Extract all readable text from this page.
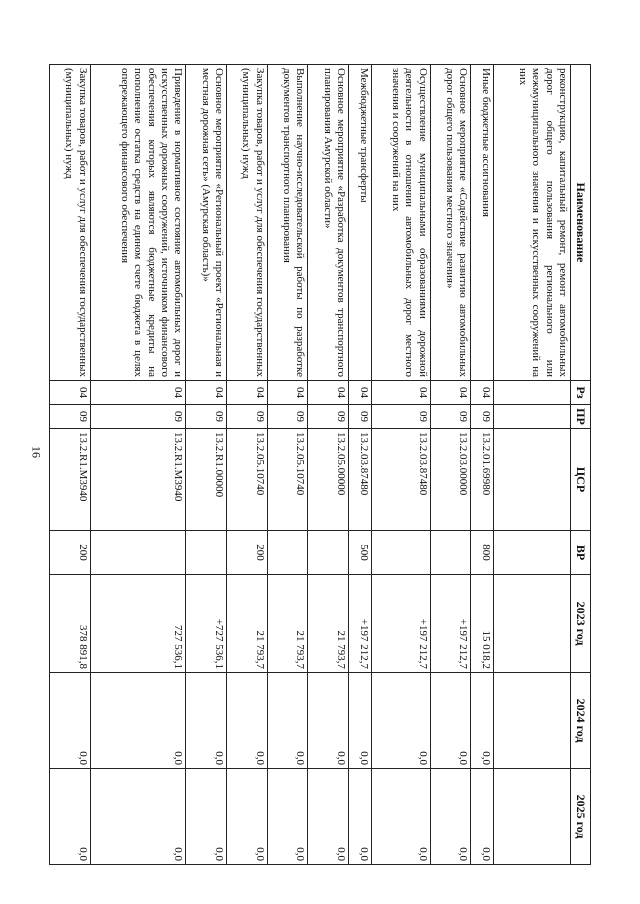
16
Наименование	Рз	ПР	ЦСР	ВР	2023 год	2024 год	2025 год
реконструкцию, капитальный ремонт, ремонт автомобильных дорог общего пользования регионального или межмуниципального значения и искусственных сооружений на них							
Иные бюджетные ассигнования	04	09	13.2.01.69980	800	15 018,2	0,0	0,0
Основное мероприятие «Содействие развитию автомобильных дорог общего пользования местного значения»	04	09	13.2.03.00000		+197 212,7	0,0	0,0
Осуществление муниципальными образованиями дорожной деятельности в отношении автомобильных дорог местного значения и сооружений на них	04	09	13.2.03.87480		+197 212,7	0,0	0,0
Межбюджетные трансферты	04	09	13.2.03.87480	500	+197 212,7	0,0	0,0
Основное мероприятие «Разработка документов транспортного планирования Амурской области»	04	09	13.2.05.00000		21 793,7	0,0	0,0
Выполнение научно-исследовательской работы по разработке документов транспортного планирования	04	09	13.2.05.10740		21 793,7	0,0	0,0
Закупка товаров, работ и услуг для обеспечения государственных (муниципальных) нужд	04	09	13.2.05.10740	200	21 793,7	0,0	0,0
Основное мероприятие «Региональный проект «Региональная и местная дорожная сеть» (Амурская область)»	04	09	13.2.R1.00000		+727 536,1	0,0	0,0
Приведение в нормативное состояние автомобильных дорог и искусственных дорожных сооружений, источником финансового обеспечения которых являются бюджетные кредиты на пополнение остатка средств на едином счете бюджета в целях опережающего финансового обеспечения	04	09	13.2.R1.M3940		727 536,1	0,0	0,0
Закупка товаров, работ и услуг для обеспечения государственных (муниципальных) нужд	04	09	13.2.R1.M3940	200	378 891,8	0,0	0,0
